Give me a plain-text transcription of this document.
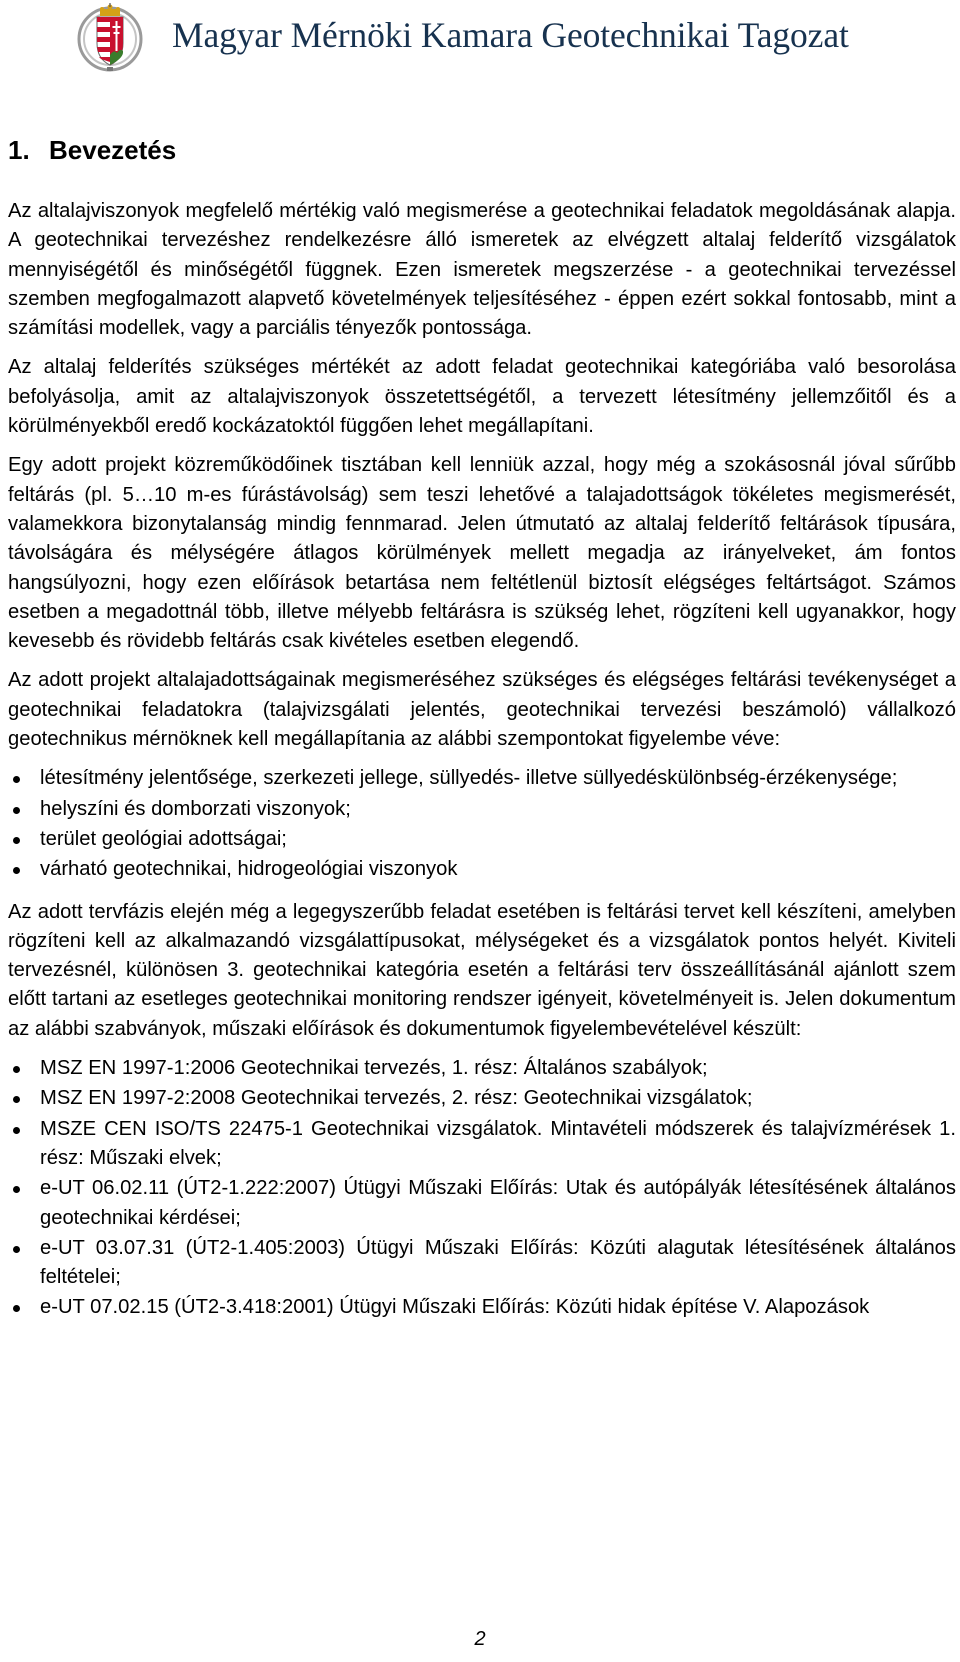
Magyar Mérnöki Kamara Geotechnikai Tagozat
1. Bevezetés

Az altalajviszonyok megfelelő mértékig való megismerése a geotechnikai feladatok megoldásának alapja. A geotechnikai tervezéshez rendelkezésre álló ismeretek az elvégzett altalaj felderítő vizsgálatok mennyiségétől és minőségétől függnek. Ezen ismeretek megszerzése - a geotechnikai tervezéssel szemben megfogalmazott alapvető követelmények teljesítéséhez - éppen ezért sokkal fontosabb, mint a számítási modellek, vagy a parciális tényezők pontossága.

Az altalaj felderítés szükséges mértékét az adott feladat geotechnikai kategóriába való besorolása befolyásolja, amit az altalajviszonyok összetettségétől, a tervezett létesítmény jellemzőitől és a körülményekből eredő kockázatoktól függően lehet megállapítani.

Egy adott projekt közreműködőinek tisztában kell lenniük azzal, hogy még a szokásosnál jóval sűrűbb feltárás (pl. 5…10 m-es fúrástávolság) sem teszi lehetővé a talajadottságok tökéletes megismerését, valamekkora bizonytalanság mindig fennmarad. Jelen útmutató az altalaj felderítő feltárások típusára, távolságára és mélységére átlagos körülmények mellett megadja az irányelveket, ám fontos hangsúlyozni, hogy ezen előírások betartása nem feltétlenül biztosít elégséges feltártságot. Számos esetben a megadottnál több, illetve mélyebb feltárásra is szükség lehet, rögzíteni kell ugyanakkor, hogy kevesebb és rövidebb feltárás csak kivételes esetben elegendő.

Az adott projekt altalajadottságainak megismeréséhez szükséges és elégséges feltárási tevékenységet a geotechnikai feladatokra (talajvizsgálati jelentés, geotechnikai tervezési beszámoló) vállalkozó geotechnikus mérnöknek kell megállapítania az alábbi szempontokat figyelembe véve:

létesítmény jelentősége, szerkezeti jellege, süllyedés- illetve süllyedéskülönbség-érzékenysége;
helyszíni és domborzati viszonyok;
terület geológiai adottságai;
várható geotechnikai, hidrogeológiai viszonyok

Az adott tervfázis elején még a legegyszerűbb feladat esetében is feltárási tervet kell készíteni, amelyben rögzíteni kell az alkalmazandó vizsgálattípusokat, mélységeket és a vizsgálatok pontos helyét. Kiviteli tervezésnél, különösen 3. geotechnikai kategória esetén a feltárási terv összeállításánál ajánlott szem előtt tartani az esetleges geotechnikai monitoring rendszer igényeit, követelményeit is. Jelen dokumentum az alábbi szabványok, műszaki előírások és dokumentumok figyelembevételével készült:

MSZ EN 1997-1:2006 Geotechnikai tervezés, 1. rész: Általános szabályok;
MSZ EN 1997-2:2008 Geotechnikai tervezés, 2. rész: Geotechnikai vizsgálatok;
MSZE CEN ISO/TS 22475-1 Geotechnikai vizsgálatok. Mintavételi módszerek és talajvízmérések 1. rész: Műszaki elvek;
e-UT 06.02.11 (ÚT2-1.222:2007) Útügyi Műszaki Előírás: Utak és autópályák létesítésének általános geotechnikai kérdései;
e-UT 03.07.31 (ÚT2-1.405:2003) Útügyi Műszaki Előírás: Közúti alagutak létesítésének általános feltételei;
e-UT 07.02.15 (ÚT2-3.418:2001) Útügyi Műszaki Előírás: Közúti hidak építése V. Alapozások
2
